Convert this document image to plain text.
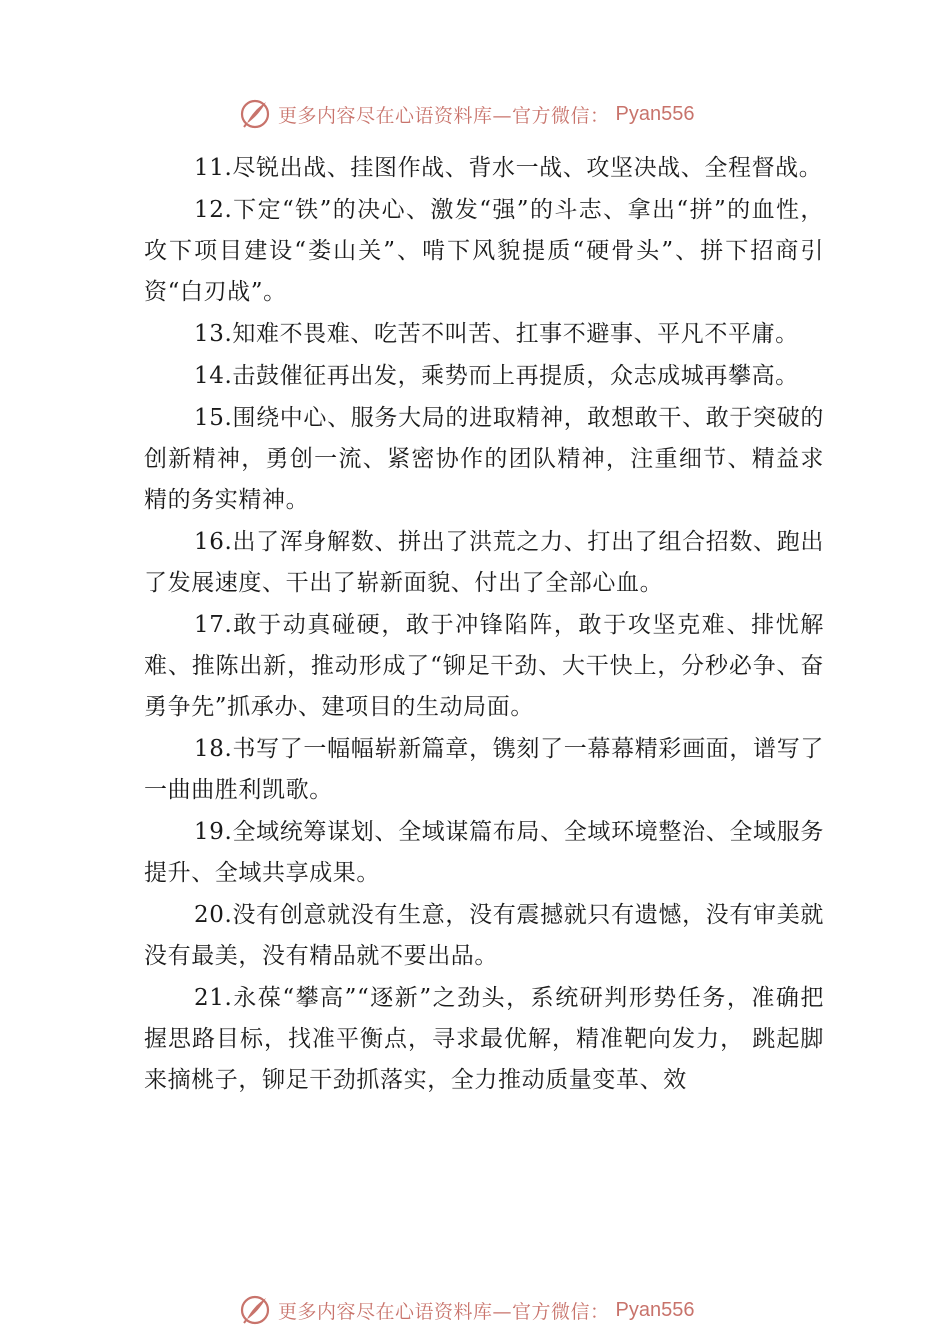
更多内容尽在心语资料库—官方微信： Pyan556

11.尽锐出战、挂图作战、背水一战、攻坚决战、全程督战。

12.下定“铁”的决心、激发“强”的斗志、拿出“拼”的血性，攻下项目建设“娄山关”、啃下风貌提质“硬骨头”、拼下招商引资“白刃战”。

13.知难不畏难、吃苦不叫苦、扛事不避事、平凡不平庸。

14.击鼓催征再出发，乘势而上再提质，众志成城再攀高。

15.围绕中心、服务大局的进取精神，敢想敢干、敢于突破的创新精神，勇创一流、紧密协作的团队精神，注重细节、精益求精的务实精神。

16.出了浑身解数、拼出了洪荒之力、打出了组合招数、跑出了发展速度、干出了崭新面貌、付出了全部心血。

17.敢于动真碰硬，敢于冲锋陷阵，敢于攻坚克难、排忧解难、推陈出新，推动形成了“铆足干劲、大干快上，分秒必争、奋勇争先”抓承办、建项目的生动局面。

18.书写了一幅幅崭新篇章，镌刻了一幕幕精彩画面，谱写了一曲曲胜利凯歌。

19.全域统筹谋划、全域谋篇布局、全域环境整治、全域服务提升、全域共享成果。

20.没有创意就没有生意，没有震撼就只有遗憾，没有审美就没有最美，没有精品就不要出品。

21.永葆“攀高”“逐新”之劲头，系统研判形势任务，准确把握思路目标，找准平衡点，寻求最优解，精准靶向发力， 跳起脚来摘桃子，铆足干劲抓落实，全力推动质量变革、效

更多内容尽在心语资料库—官方微信： Pyan556
